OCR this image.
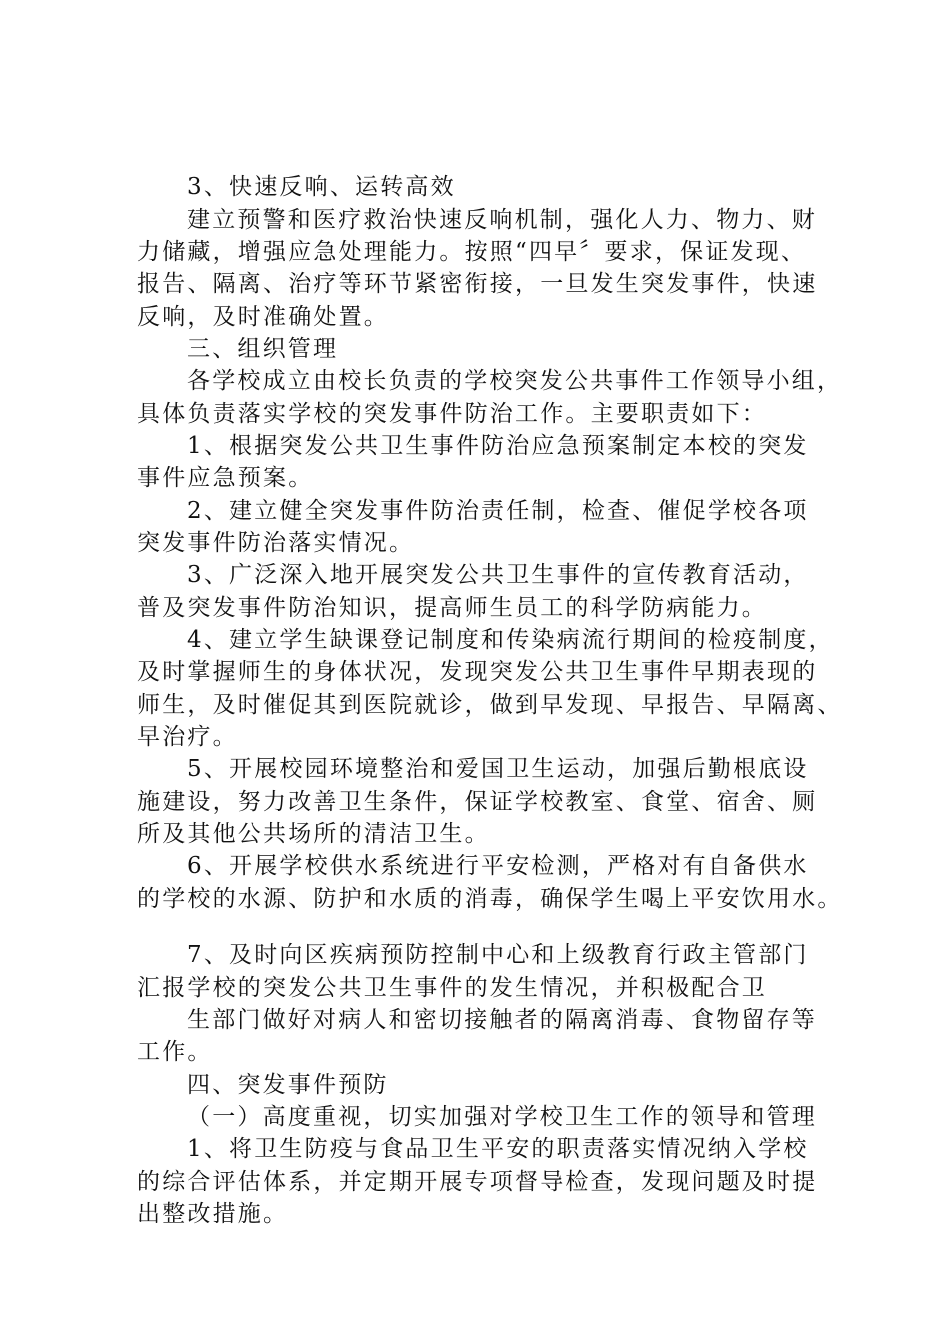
3、快速反响、运转高效

建立预警和医疗救治快速反响机制，强化人力、物力、财

力储藏，增强应急处理能力。按照“四早〞要求，保证发现、

报告、隔离、治疗等环节紧密衔接，一旦发生突发事件，快速

反响，及时准确处置。

三、组织管理

各学校成立由校长负责的学校突发公共事件工作领导小组，

具体负责落实学校的突发事件防治工作。主要职责如下：

1、根据突发公共卫生事件防治应急预案制定本校的突发

事件应急预案。

2、建立健全突发事件防治责任制，检查、催促学校各项

突发事件防治落实情况。

3、广泛深入地开展突发公共卫生事件的宣传教育活动，

普及突发事件防治知识，提高师生员工的科学防病能力。

4、建立学生缺课登记制度和传染病流行期间的检疫制度，

及时掌握师生的身体状况，发现突发公共卫生事件早期表现的

师生，及时催促其到医院就诊，做到早发现、早报告、早隔离、

早治疗。

5、开展校园环境整治和爱国卫生运动，加强后勤根底设

施建设，努力改善卫生条件，保证学校教室、食堂、宿舍、厕

所及其他公共场所的清洁卫生。

6、开展学校供水系统进行平安检测，严格对有自备供水

的学校的水源、防护和水质的消毒，确保学生喝上平安饮用水。

7、及时向区疾病预防控制中心和上级教育行政主管部门

汇报学校的突发公共卫生事件的发生情况，并积极配合卫

生部门做好对病人和密切接触者的隔离消毒、食物留存等

工作。

四、突发事件预防

（一）高度重视，切实加强对学校卫生工作的领导和管理

1、将卫生防疫与食品卫生平安的职责落实情况纳入学校

的综合评估体系，并定期开展专项督导检查，发现问题及时提

出整改措施。
